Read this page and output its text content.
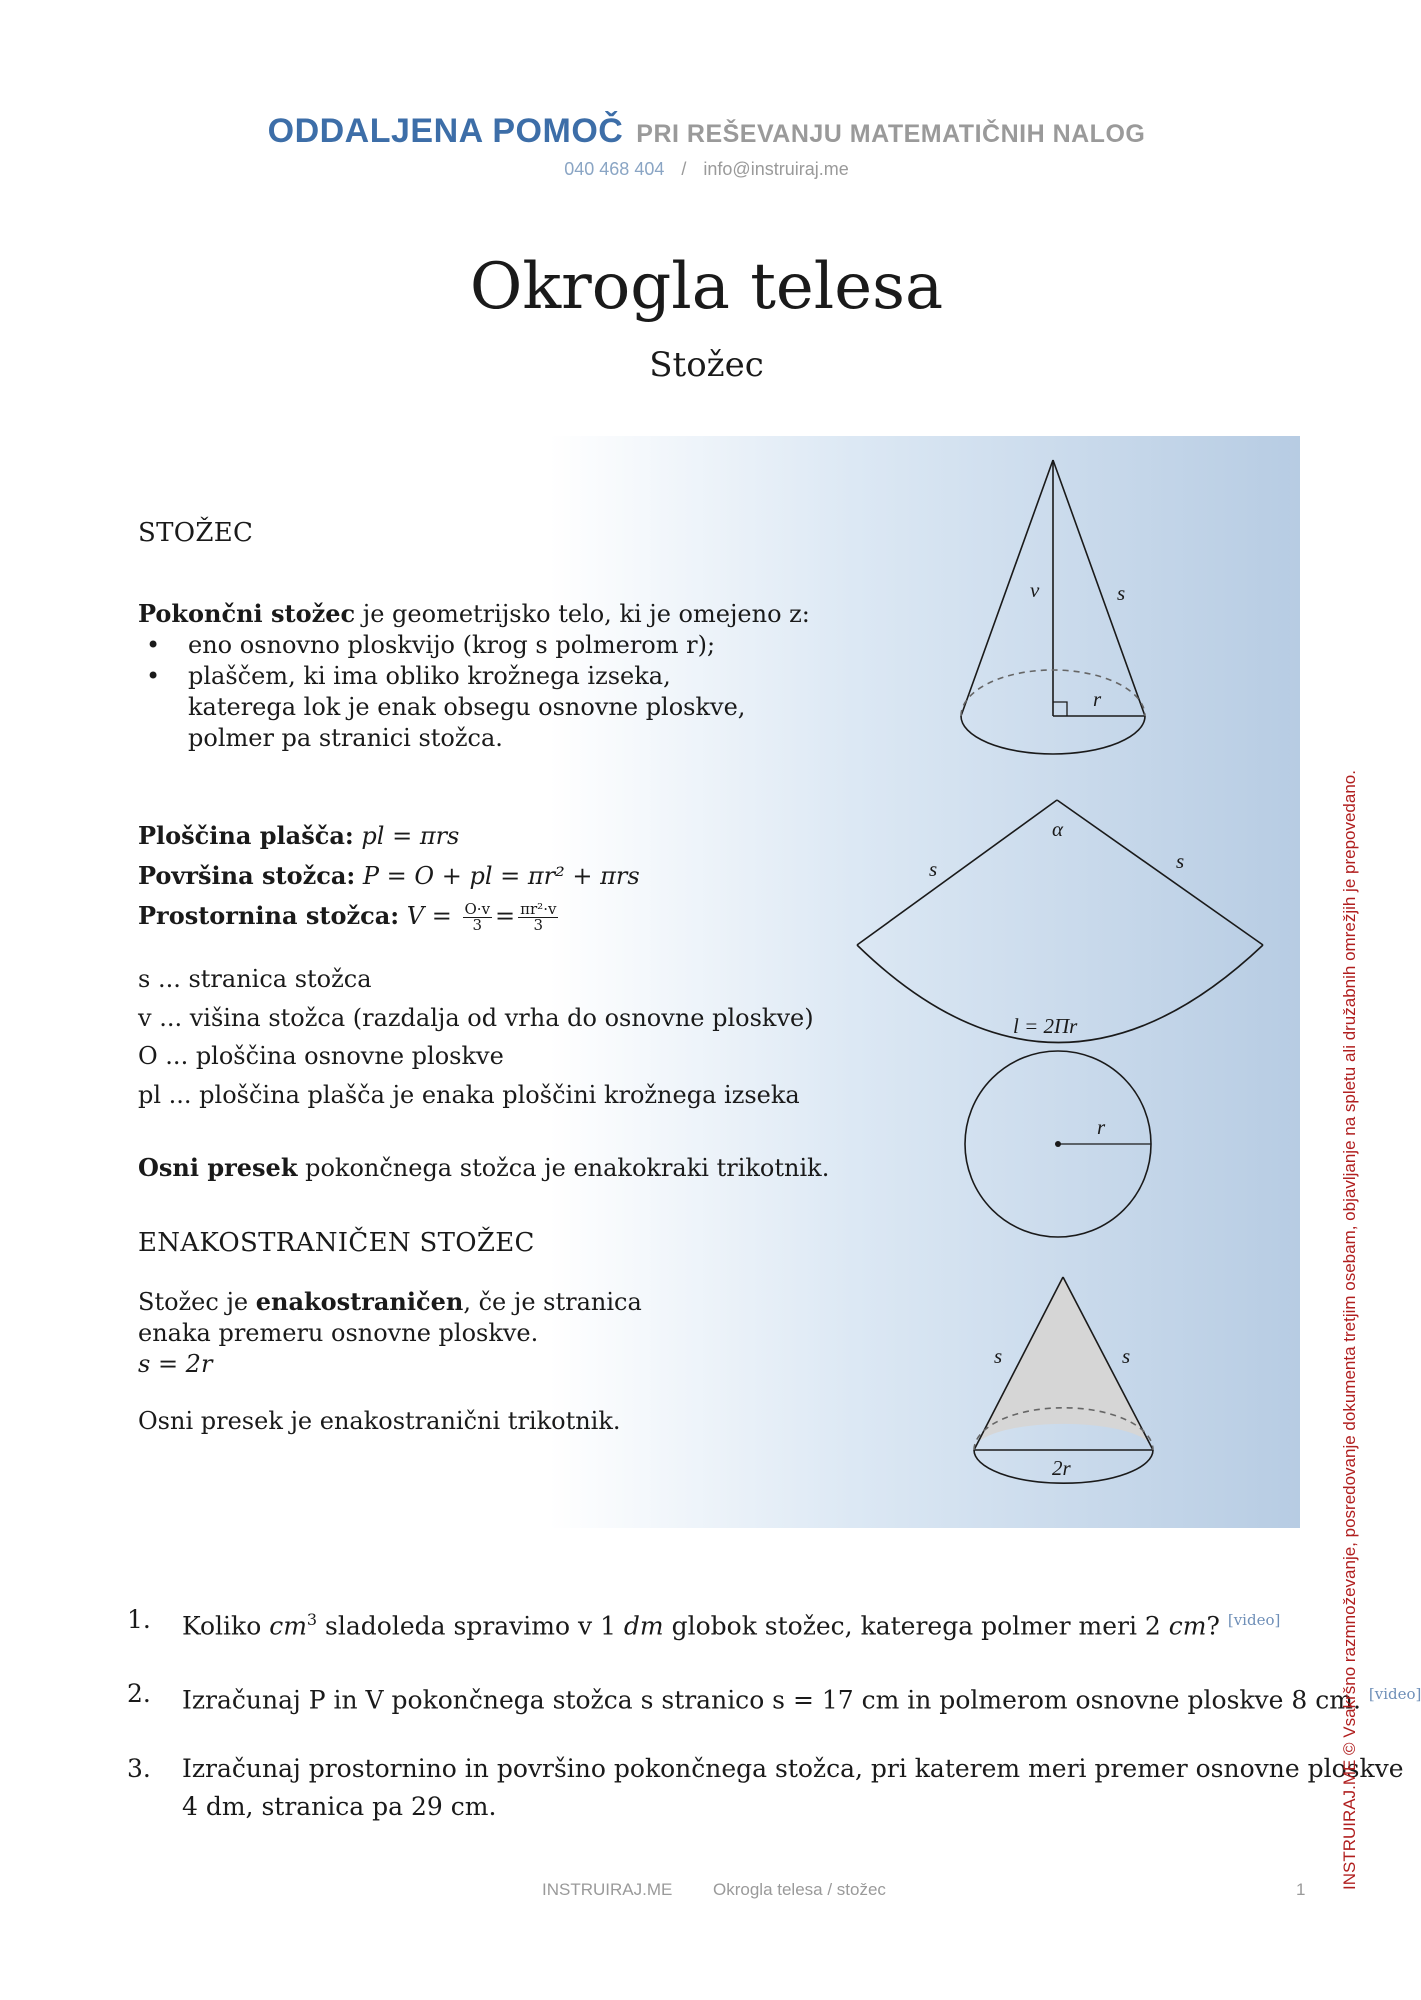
ODDALJENA POMOČ PRI REŠEVANJU MATEMATIČNIH NALOG
040 468 404 / info@instruiraj.me
Okrogla telesa
Stožec
STOŽEC
Pokončni stožec je geometrijsko telo, ki je omejeno z:
• eno osnovno ploskvijo (krog s polmerom r);
• plaščem, ki ima obliko krožnega izseka,
katerega lok je enak obsegu osnovne ploskve,
polmer pa stranici stožca.
Ploščina plašča: pl = πrs
Površina stožca: P = O + pl = πr² + πrs
Prostornina stožca: $V = \frac{O\cdot v}{3} = \frac{\text{πr²·v}}{3}$
s ... stranica stožca
v ... višina stožca (razdalja od vrha do osnovne ploskve)
O ... ploščina osnovne ploskve
pl ... ploščina plašča je enaka ploščini krožnega izseka
Osni presek pokončnega stožca je enakokraki trikotnik.
ENAKOSTRANIČEN STOŽEC
Stožec je enakostraničen, če je stranica
enaka premeru osnovne ploskve.
s = 2r
Osni presek je enakostranični trikotnik.
v	s
r
α
s	s
l = 2Πr
r
s	s
2r
1. Koliko $cm^3$ sladoleda spravimo v 1 dm globok stožec, katerega polmer meri 2 cm? [video]
2. Izračunaj P in V pokončnega stožca s stranico s = 17 cm in polmerom osnovne ploskve 8 cm. [video]
3. Izračunaj prostornino in površino pokončnega stožca, pri katerem meri premer osnovne ploskve
4 dm, stranica pa 29 cm.
INSTRUIRAJ.ME Okrogla telesa / stožec	1 INSTRUIRAJ.ME © Vsakršno razmnoževanje, posredovanje dokumenta tretjim osebam, objavljanje na spletu ali družabnih omrežjih je prepovedano.
